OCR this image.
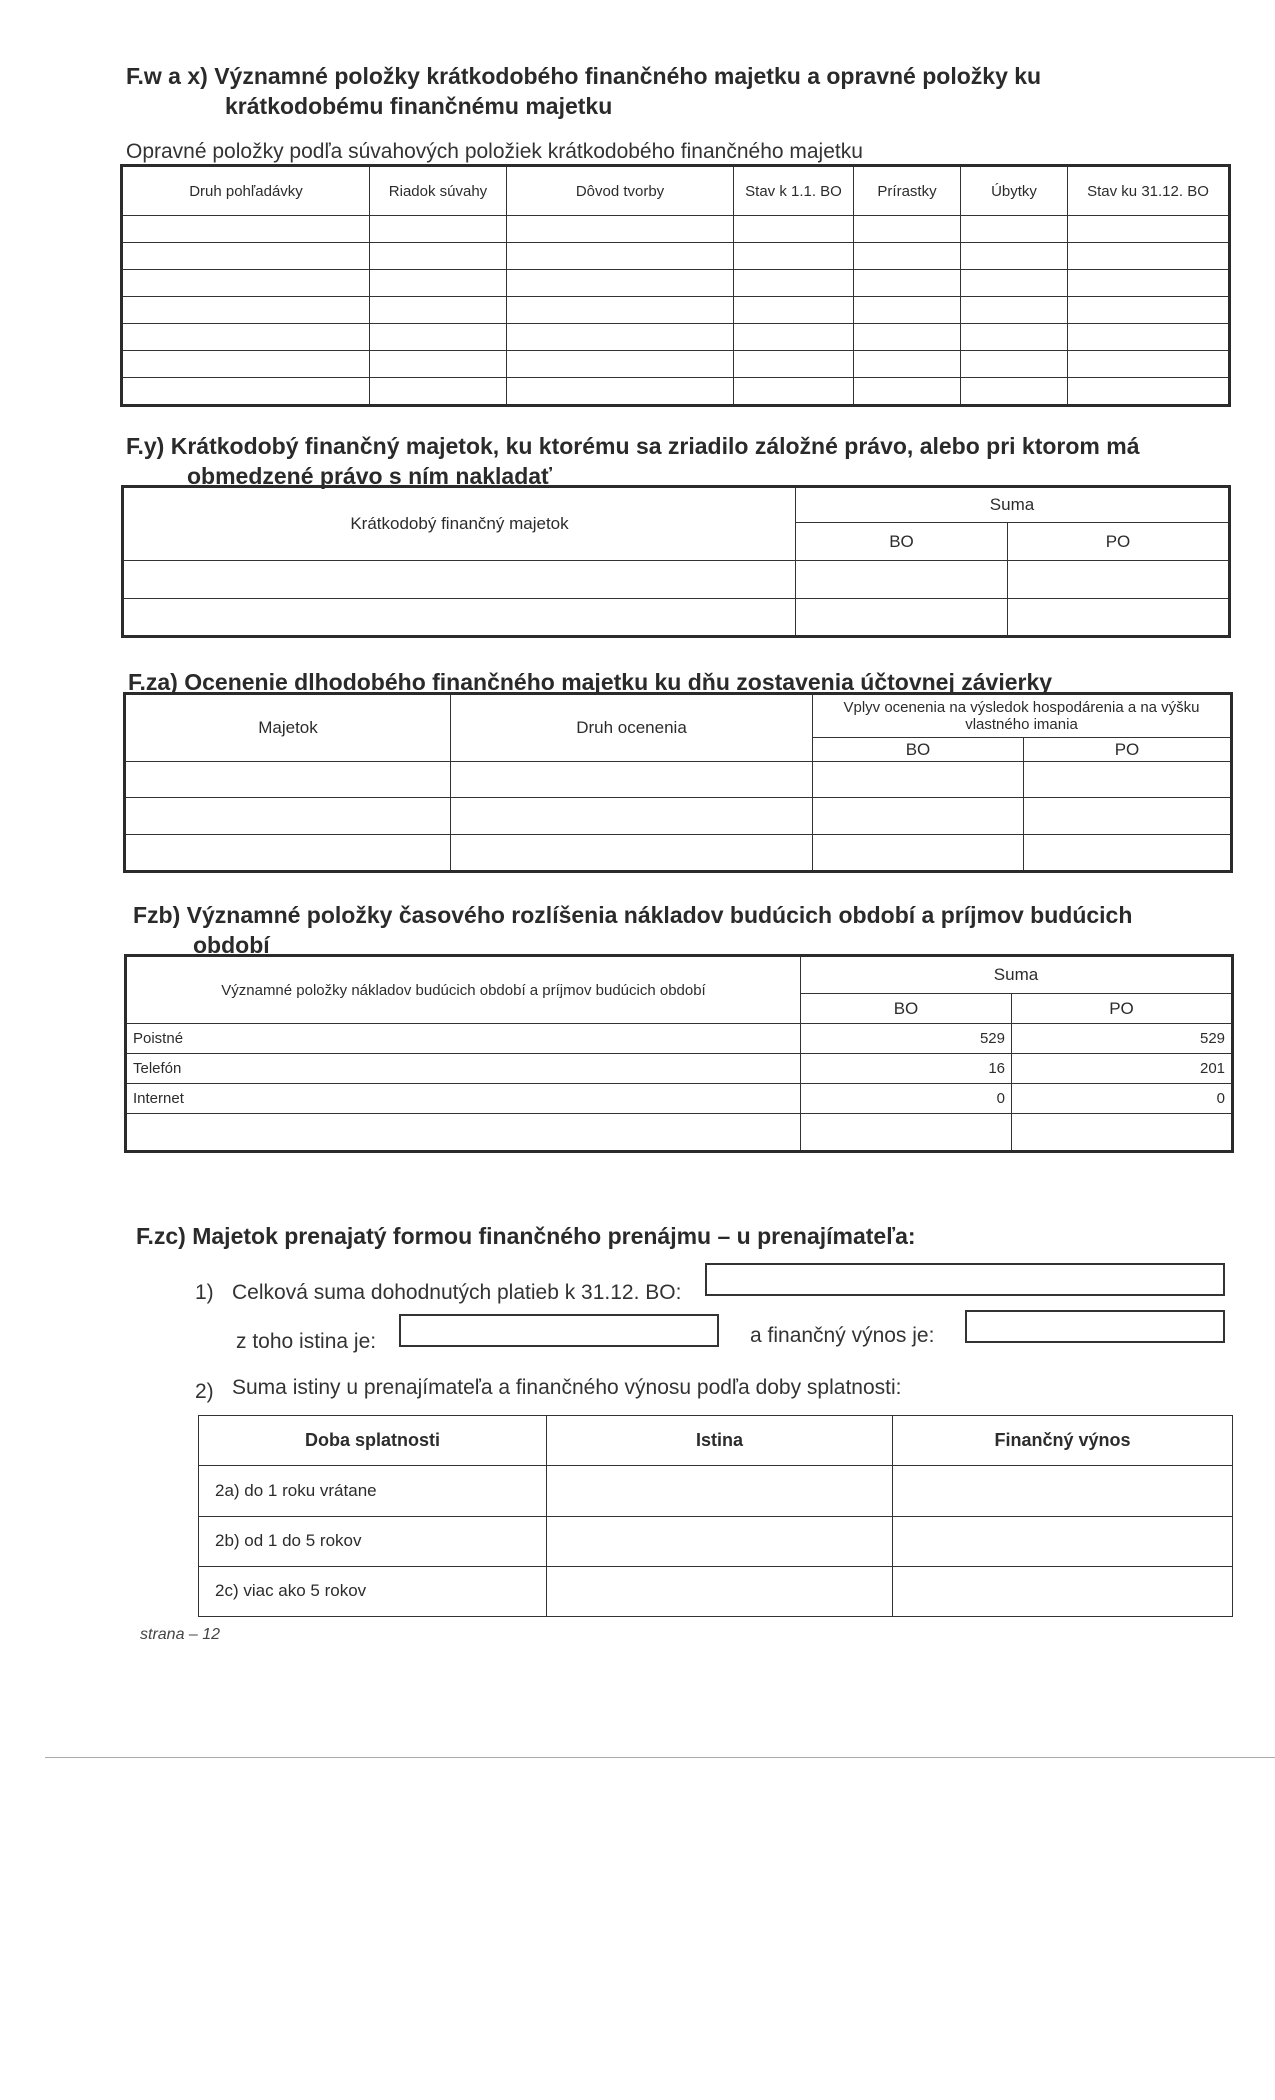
F.w a x) Významné položky krátkodobého finančného majetku a opravné položky ku
krátkodobému finančnému majetku
Opravné položky podľa súvahových položiek krátkodobého finančného majetku
Druh pohľadávky	Riadok súvahy	Dôvod tvorby	Stav k 1.1. BO	Prírastky	Úbytky	Stav ku 31.12. BO

F.y) Krátkodobý finančný majetok, ku ktorému sa zriadilo záložné právo, alebo pri ktorom má
obmedzené právo s ním nakladať
Krátkodobý finančný majetok	Suma	
	BO	PO

F.za) Ocenenie dlhodobého finančného majetku ku dňu zostavenia účtovnej závierky
Majetok	Druh ocenenia	Vplyv ocenenia na výsledok hospodárenia a na výšku vlastného imania	
		BO	PO

Fzb) Významné položky časového rozlíšenia nákladov budúcich období a príjmov budúcich
období
Významné položky nákladov budúcich období a príjmov budúcich období	Suma	
	BO	PO
Poistné	529	529
Telefón	16	201
Internet	0	0

F.zc) Majetok prenajatý formou finančného prenájmu – u prenajímateľa:
1) Celková suma dohodnutých platieb k 31.12. BO:
z toho istina je:	a finančný výnos je:
2) Suma istiny u prenajímateľa a finančného výnosu podľa doby splatnosti:
Doba splatnosti	Istina	Finančný výnos
2a) do 1 roku vrátane		
2b) od 1 do 5 rokov		
2c) viac ako 5 rokov		
strana – 12
